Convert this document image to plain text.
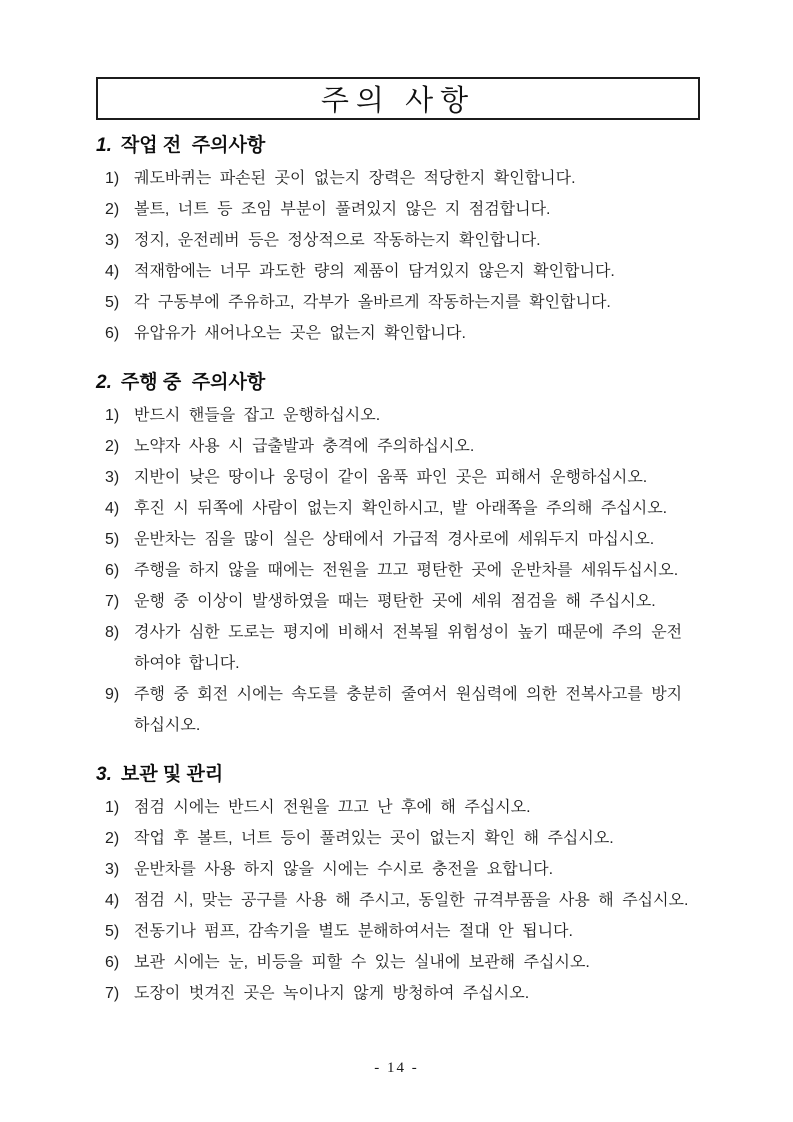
주의 사항
1. 작업 전  주의사항
1) 궤도바퀴는 파손된 곳이 없는지 장력은 적당한지 확인합니다.
2) 볼트, 너트 등 조임 부분이 풀려있지 않은 지 점검합니다.
3) 정지, 운전레버 등은 정상적으로 작동하는지 확인합니다.
4) 적재함에는 너무 과도한 량의 제품이 담겨있지 않은지 확인합니다.
5) 각 구동부에 주유하고, 각부가 올바르게 작동하는지를 확인합니다.
6) 유압유가 새어나오는 곳은 없는지 확인합니다.
2. 주행 중  주의사항
1) 반드시 핸들을 잡고 운행하십시오.
2) 노약자 사용 시 급출발과 충격에 주의하십시오.
3) 지반이 낮은 땅이나 웅덩이 같이 움푹 파인 곳은 피해서 운행하십시오.
4) 후진 시 뒤쪽에 사람이 없는지 확인하시고, 발 아래쪽을 주의해 주십시오.
5) 운반차는 짐을 많이 실은 상태에서 가급적 경사로에 세워두지 마십시오.
6) 주행을 하지 않을 때에는 전원을 끄고 평탄한 곳에 운반차를 세워두십시오.
7) 운행 중 이상이 발생하였을 때는 평탄한 곳에 세워 점검을 해 주십시오.
8) 경사가 심한 도로는 평지에 비해서 전복될 위험성이 높기 때문에 주의 운전 하여야 합니다.
9) 주행 중 회전 시에는 속도를 충분히 줄여서 원심력에 의한 전복사고를 방지 하십시오.
3. 보관 및 관리
1) 점검 시에는 반드시 전원을 끄고 난 후에 해 주십시오.
2) 작업 후 볼트, 너트 등이 풀려있는 곳이 없는지 확인 해 주십시오.
3) 운반차를 사용 하지 않을 시에는 수시로 충전을 요합니다.
4) 점검 시, 맞는 공구를 사용 해 주시고, 동일한 규격부품을 사용 해 주십시오.
5) 전동기나 펌프, 감속기을 별도 분해하여서는 절대 안 됩니다.
6) 보관 시에는 눈, 비등을 피할 수 있는 실내에 보관해 주십시오.
7) 도장이 벗겨진 곳은 녹이나지 않게 방청하여 주십시오.
- 14 -
